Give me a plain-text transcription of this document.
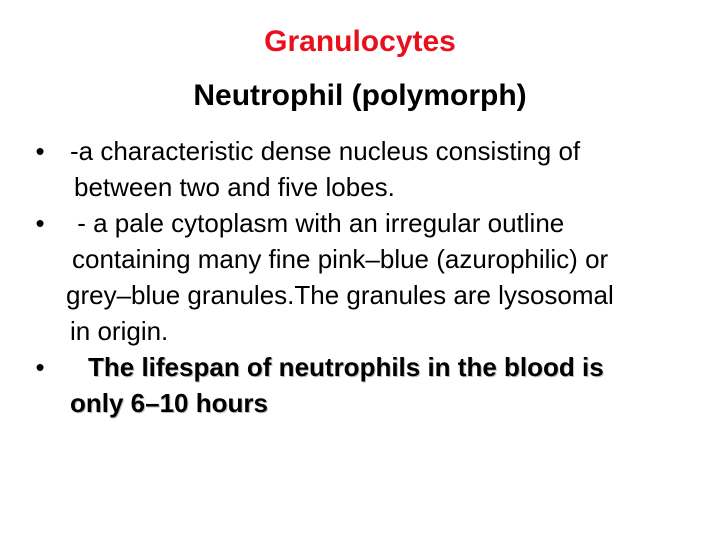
Granulocytes
Neutrophil (polymorph)
• -a characteristic dense nucleus consisting of
between two and five lobes.
• - a pale cytoplasm with an irregular outline
containing many fine pink–blue (azurophilic) or
grey–blue granules.The granules are lysosomal
in origin.
•	The lifespan of neutrophils in the blood is
only 6–10 hours
